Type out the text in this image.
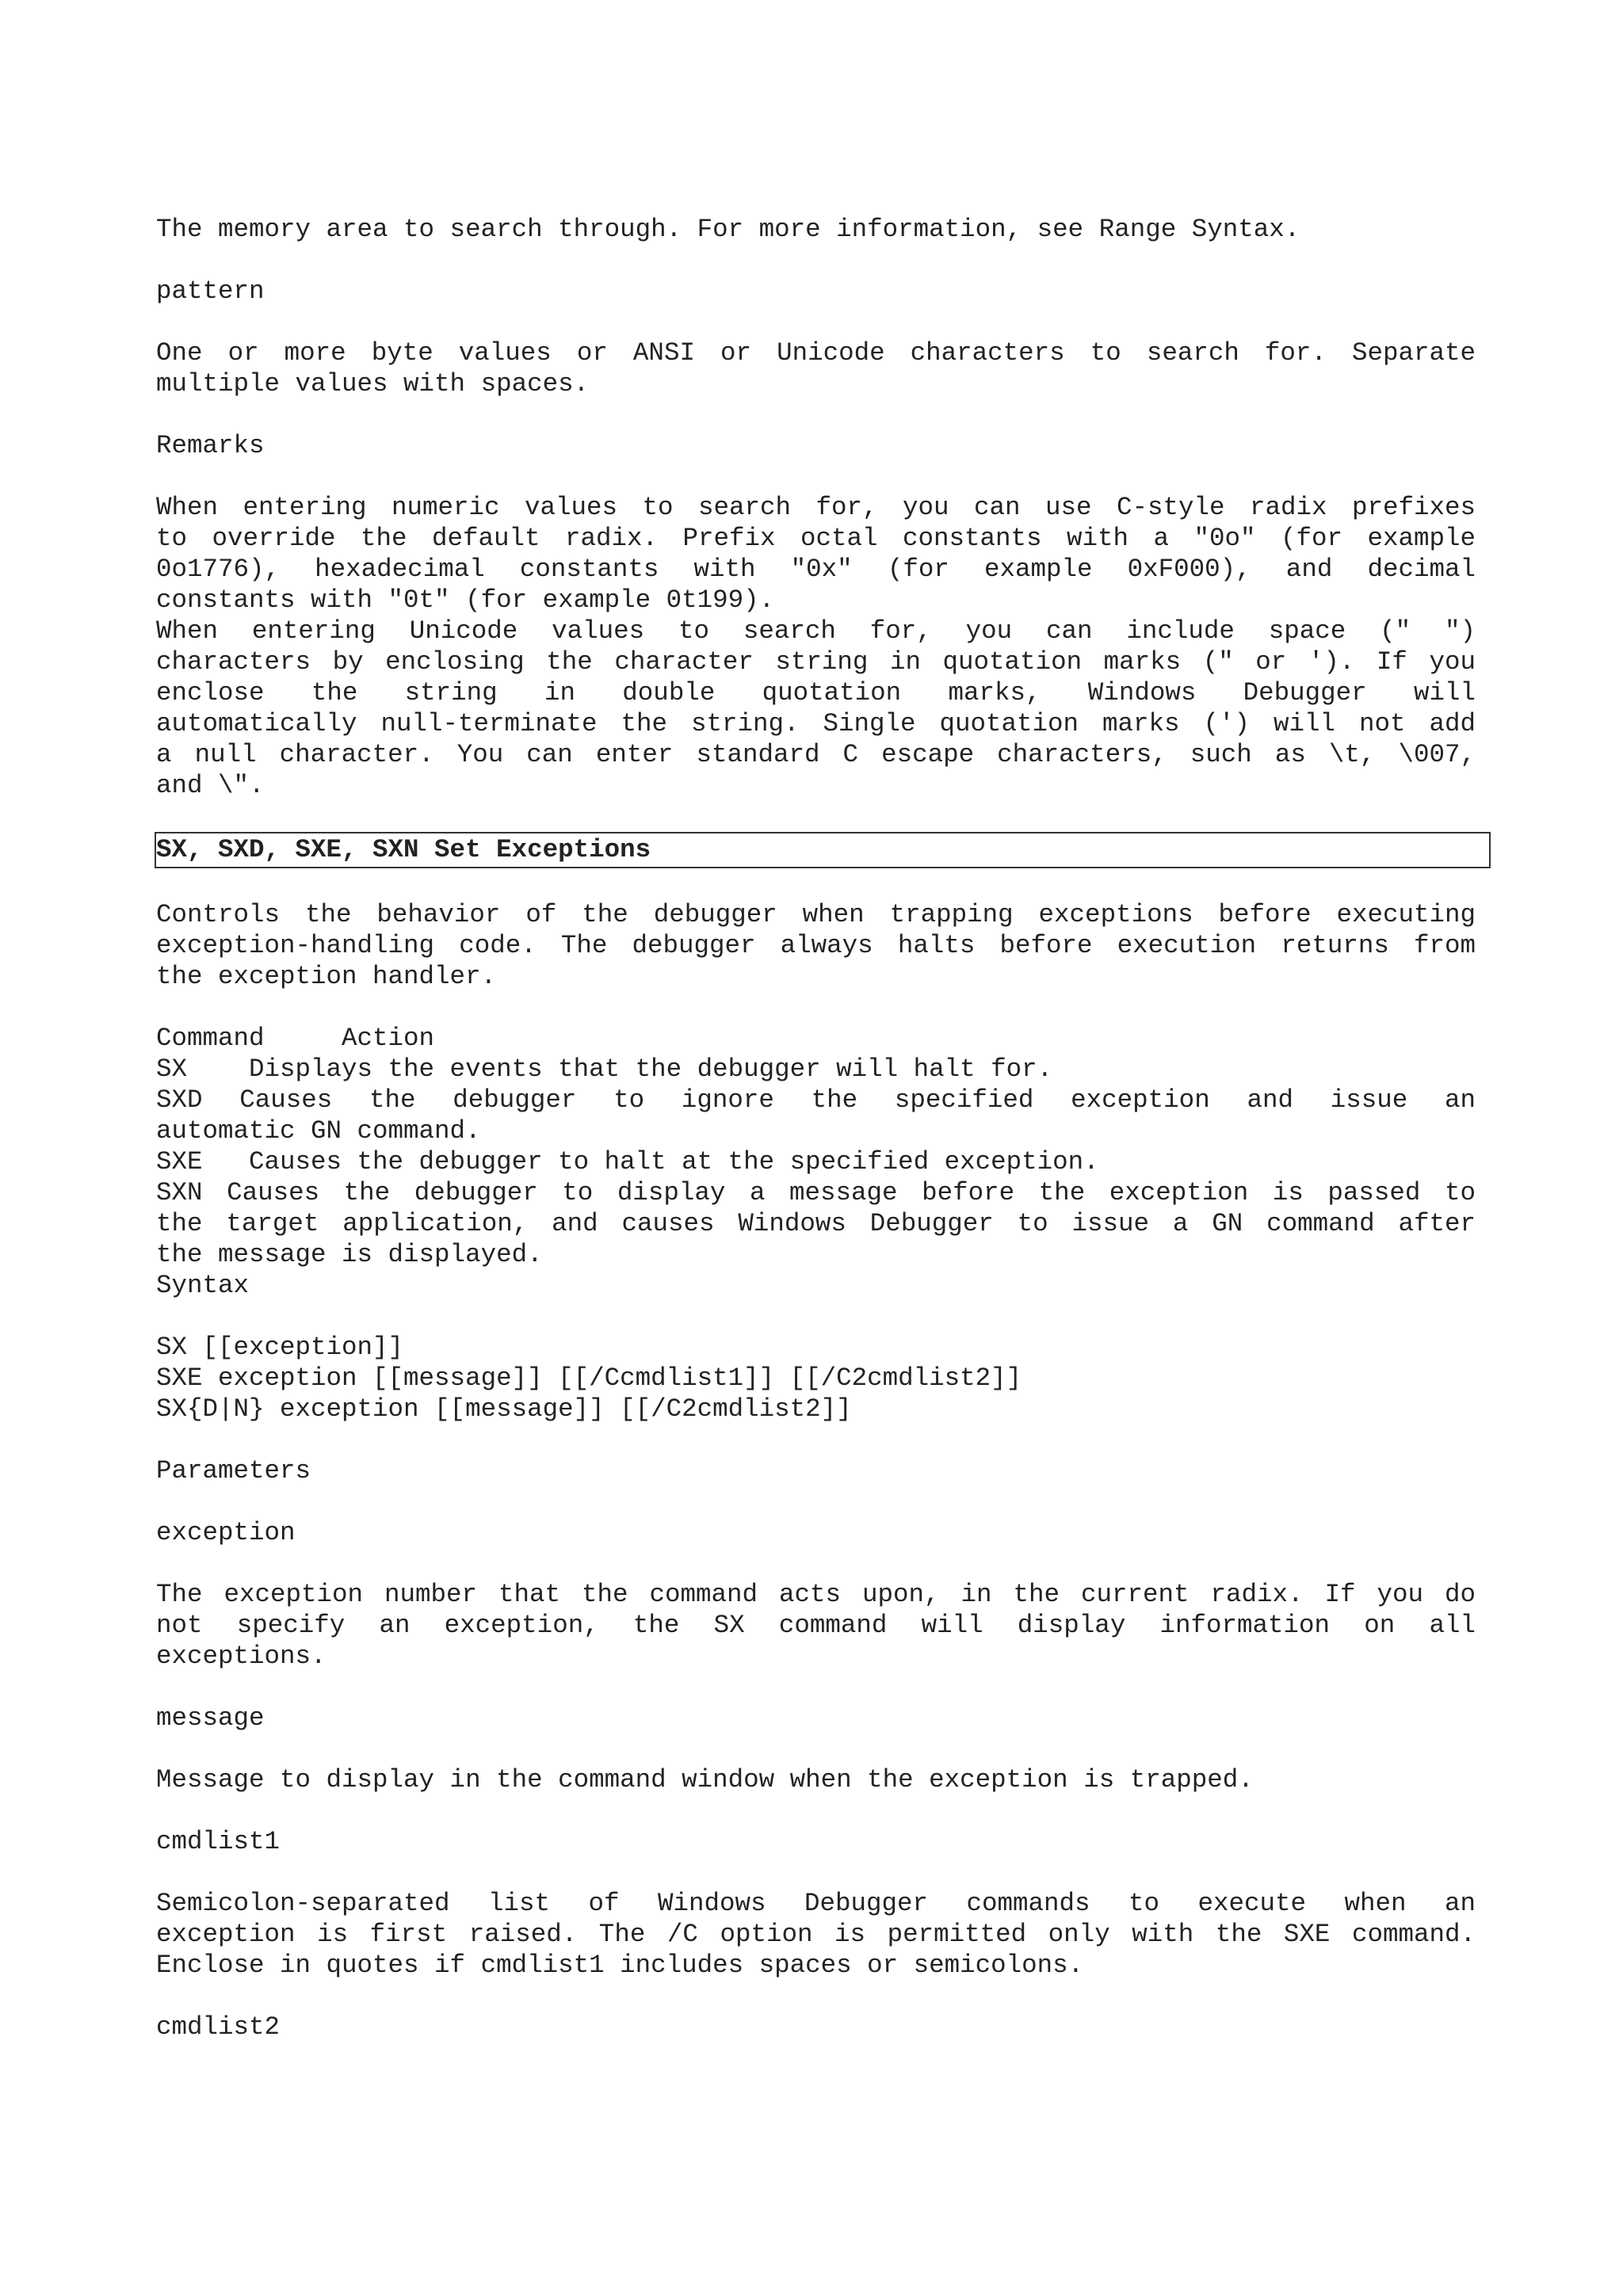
The memory area to search through. For more information, see Range Syntax.
pattern
One or more byte values or ANSI or Unicode characters to search for. Separate
multiple values with spaces.
Remarks
When entering numeric values to search for, you can use C-style radix prefixes
to override the default radix. Prefix octal constants with a "0o" (for example
0o1776), hexadecimal constants with "0x" (for example 0xF000), and decimal
constants with "0t" (for example 0t199).
When entering Unicode values to search for, you can include space (" ")
characters by enclosing the character string in quotation marks (" or '). If you
enclose the string in double quotation marks, Windows Debugger will
automatically null-terminate the string. Single quotation marks (') will not add
a null character. You can enter standard C escape characters, such as \t, \007,
and \".
SX, SXD, SXE, SXN Set Exceptions
Controls the behavior of the debugger when trapping exceptions before executing
exception-handling code. The debugger always halts before execution returns from
the exception handler.
Command     Action
SX    Displays the events that the debugger will halt for.
SXD Causes the debugger to ignore the specified exception and issue an
automatic GN command.
SXE   Causes the debugger to halt at the specified exception.
SXN Causes the debugger to display a message before the exception is passed to
the target application, and causes Windows Debugger to issue a GN command after
the message is displayed.
Syntax
SX [[exception]]
SXE exception [[message]] [[/Ccmdlist1]] [[/C2cmdlist2]]
SX{D|N} exception [[message]] [[/C2cmdlist2]]
Parameters
exception
The exception number that the command acts upon, in the current radix. If you do
not specify an exception, the SX command will display information on all
exceptions.
message
Message to display in the command window when the exception is trapped.
cmdlist1
Semicolon-separated list of Windows Debugger commands to execute when an
exception is first raised. The /C option is permitted only with the SXE command.
Enclose in quotes if cmdlist1 includes spaces or semicolons.
cmdlist2
